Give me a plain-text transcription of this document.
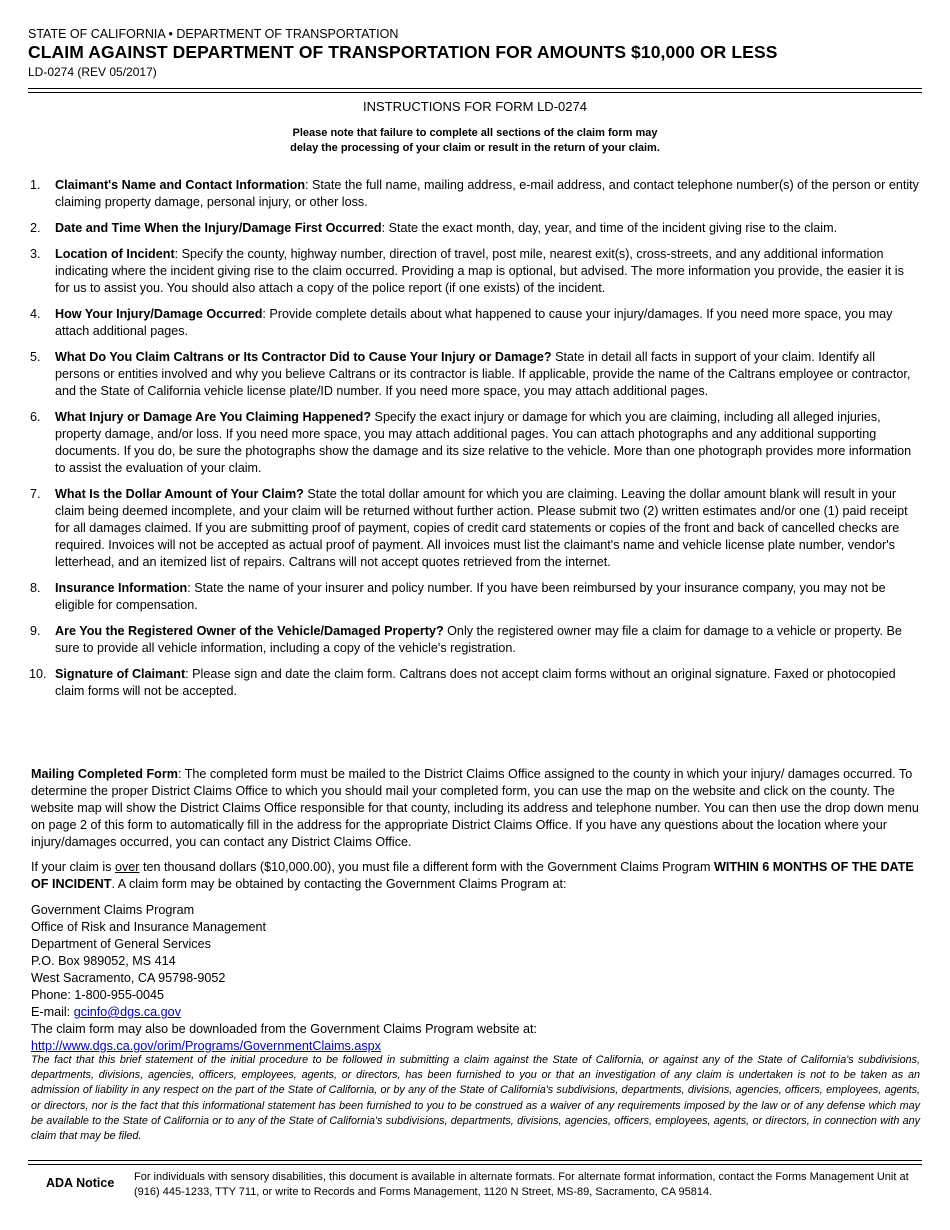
STATE OF CALIFORNIA • DEPARTMENT OF TRANSPORTATION
CLAIM AGAINST DEPARTMENT OF TRANSPORTATION FOR AMOUNTS $10,000 OR LESS
LD-0274 (REV 05/2017)
INSTRUCTIONS FOR FORM LD-0274
Please note that failure to complete all sections of the claim form may
delay the processing of your claim or result in the return of your claim.
1. Claimant's Name and Contact Information: State the full name, mailing address, e-mail address, and contact telephone number(s) of the person or entity claiming property damage, personal injury, or other loss.
2. Date and Time When the Injury/Damage First Occurred: State the exact month, day, year, and time of the incident giving rise to the claim.
3. Location of Incident: Specify the county, highway number, direction of travel, post mile, nearest exit(s), cross-streets, and any additional information indicating where the incident giving rise to the claim occurred. Providing a map is optional, but advised. The more information you provide, the easier it is for us to assist you. You should also attach a copy of the police report (if one exists) of the incident.
4. How Your Injury/Damage Occurred: Provide complete details about what happened to cause your injury/damages. If you need more space, you may attach additional pages.
5. What Do You Claim Caltrans or Its Contractor Did to Cause Your Injury or Damage? State in detail all facts in support of your claim. Identify all persons or entities involved and why you believe Caltrans or its contractor is liable. If applicable, provide the name of the Caltrans employee or contractor, and the State of California vehicle license plate/ID number. If you need more space, you may attach additional pages.
6. What Injury or Damage Are You Claiming Happened? Specify the exact injury or damage for which you are claiming, including all alleged injuries, property damage, and/or loss. If you need more space, you may attach additional pages. You can attach photographs and any additional supporting documents. If you do, be sure the photographs show the damage and its size relative to the vehicle. More than one photograph provides more information to assist the evaluation of your claim.
7. What Is the Dollar Amount of Your Claim? State the total dollar amount for which you are claiming. Leaving the dollar amount blank will result in your claim being deemed incomplete, and your claim will be returned without further action. Please submit two (2) written estimates and/or one (1) paid receipt for all damages claimed. If you are submitting proof of payment, copies of credit card statements or copies of the front and back of cancelled checks are required. Invoices will not be accepted as actual proof of payment. All invoices must list the claimant's name and vehicle license plate number, vendor's letterhead, and an itemized list of repairs. Caltrans will not accept quotes retrieved from the internet.
8. Insurance Information: State the name of your insurer and policy number. If you have been reimbursed by your insurance company, you may not be eligible for compensation.
9. Are You the Registered Owner of the Vehicle/Damaged Property? Only the registered owner may file a claim for damage to a vehicle or property. Be sure to provide all vehicle information, including a copy of the vehicle's registration.
10. Signature of Claimant: Please sign and date the claim form. Caltrans does not accept claim forms without an original signature. Faxed or photocopied claim forms will not be accepted.
Mailing Completed Form: The completed form must be mailed to the District Claims Office assigned to the county in which your injury/ damages occurred. To determine the proper District Claims Office to which you should mail your completed form, you can use the map on the website and click on the county. The website map will show the District Claims Office responsible for that county, including its address and telephone number. You can then use the drop down menu on page 2 of this form to automatically fill in the address for the appropriate District Claims Office. If you have any questions about the location where your injury/damages occurred, you can contact any District Claims Office.
If your claim is over ten thousand dollars ($10,000.00), you must file a different form with the Government Claims Program WITHIN 6 MONTHS OF THE DATE OF INCIDENT. A claim form may be obtained by contacting the Government Claims Program at:
Government Claims Program
Office of Risk and Insurance Management
Department of General Services
P.O. Box 989052, MS 414
West Sacramento, CA 95798-9052
Phone: 1-800-955-0045
E-mail: gcinfo@dgs.ca.gov
The claim form may also be downloaded from the Government Claims Program website at:
http://www.dgs.ca.gov/orim/Programs/GovernmentClaims.aspx
The fact that this brief statement of the initial procedure to be followed in submitting a claim against the State of California, or against any of the State of California's subdivisions, departments, divisions, agencies, officers, employees, agents, or directors, has been furnished to you or that an investigation of any claim is undertaken is not to be taken as an admission of liability in any respect on the part of the State of California, or by any of the State of California's subdivisions, departments, divisions, agencies, officers, employees, agents, or directors, nor is the fact that this informational statement has been furnished to you to be construed as a waiver of any requirements imposed by the law or of any defense which may be available to the State of California or to any of the State of California's subdivisions, departments, divisions, agencies, officers, employees, agents, or directors, in connection with any claim that may be filed.
ADA Notice For individuals with sensory disabilities, this document is available in alternate formats. For alternate format information, contact the Forms Management Unit at (916) 445-1233, TTY 711, or write to Records and Forms Management, 1120 N Street, MS-89, Sacramento, CA 95814.
